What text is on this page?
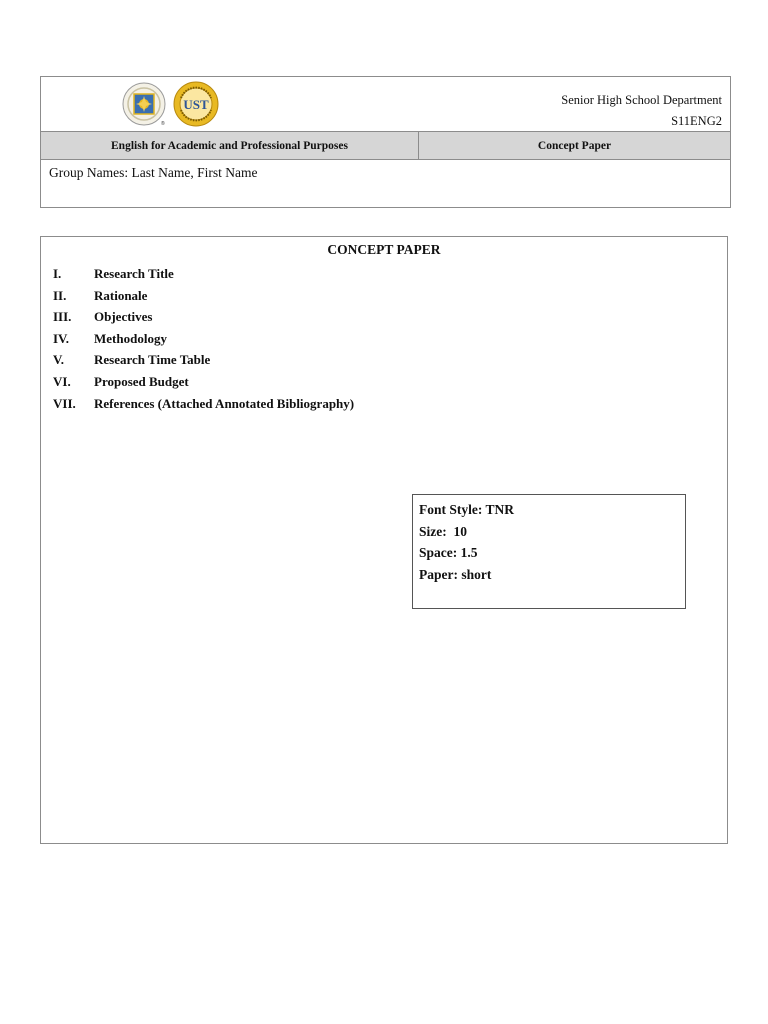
®
UST	Senior High School Department
S11ENG2
English for Academic and Professional Purposes	Concept Paper
Group Names: Last Name, First Name
CONCEPT PAPER
I.	Research Title
II.	Rationale
III.	Objectives
IV.	Methodology
V.	Research Time Table
VI.	Proposed Budget
VII.	References (Attached Annotated Bibliography)
Font Style: TNR
Size:  10
Space: 1.5
Paper: short
